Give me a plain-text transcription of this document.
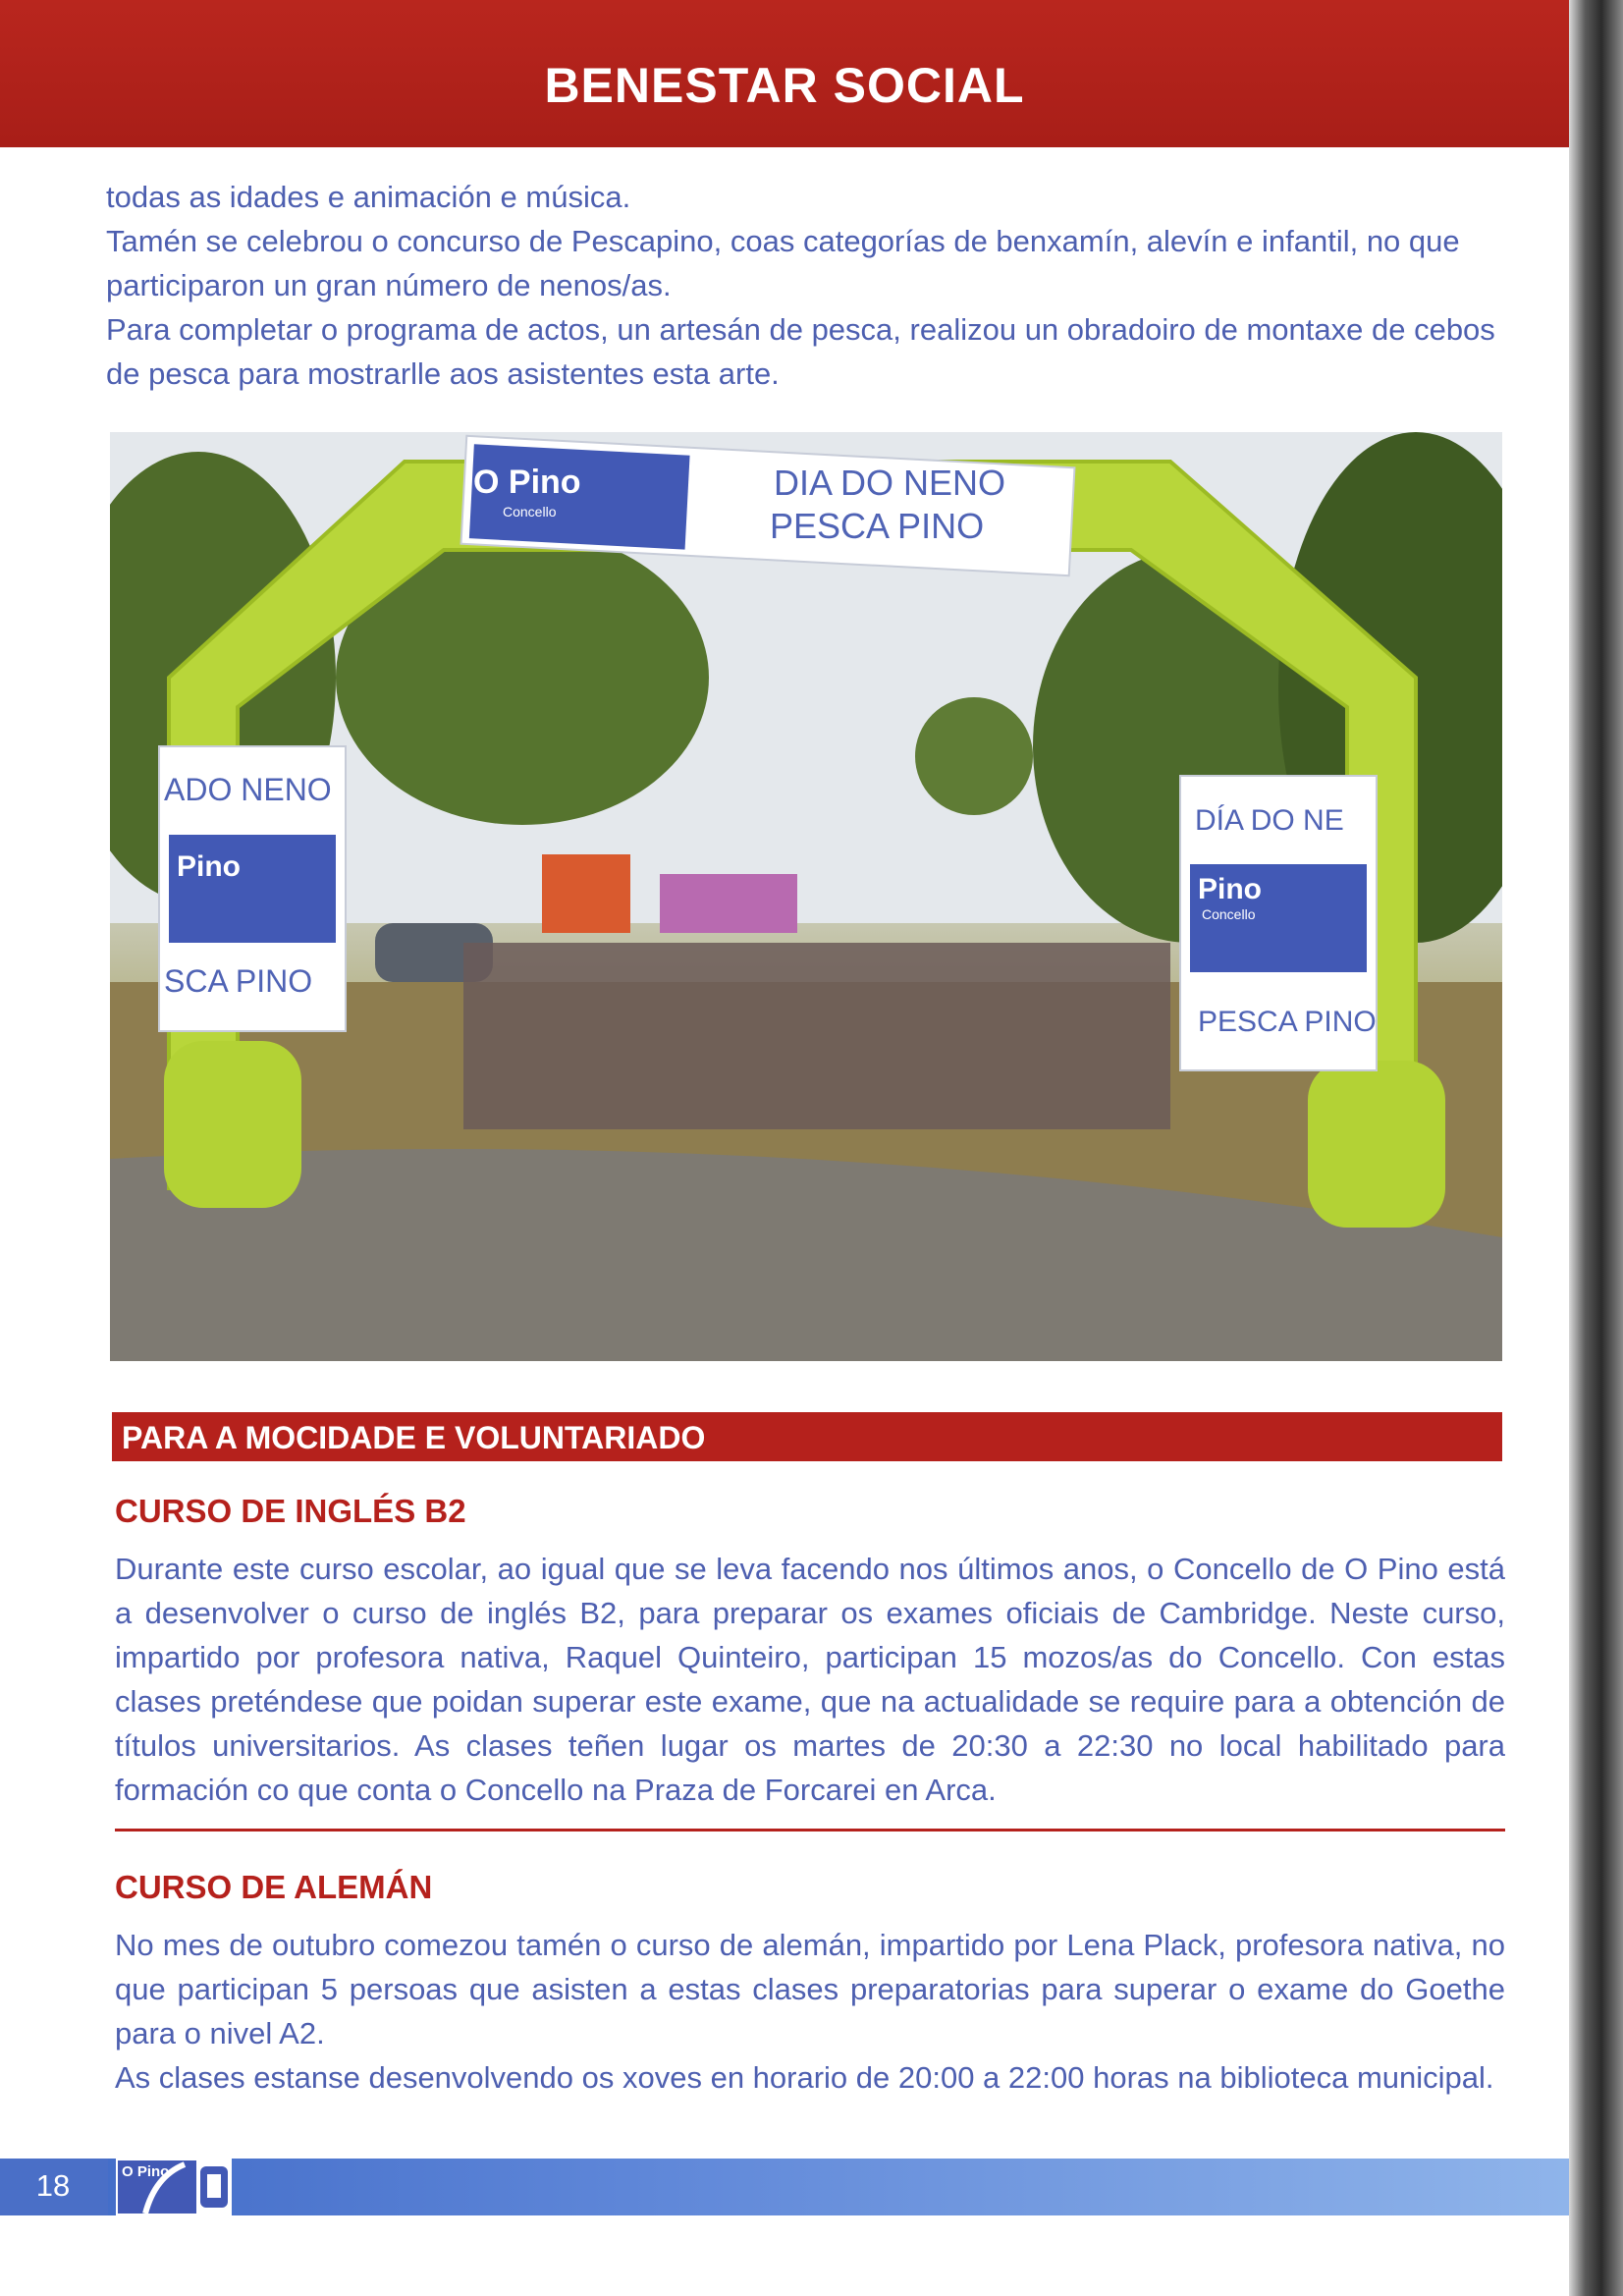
BENESTAR SOCIAL

todas as idades e animación e música.

Tamén se celebrou o concurso de Pescapino, coas categorías de benxamín, alevín e infantil, no que participaron un gran número de nenos/as.

Para completar o programa de actos, un artesán de pesca, realizou un obradoiro de montaxe de cebos de pesca para mostrarlle aos asistentes esta arte.

O Pino
Concello
DIA DO NENO
PESCA PINO
ADO NENO
Pino
SCA PINO
DÍA DO NE
Pino
Concello
PESCA PINO
PARA A MOCIDADE E VOLUNTARIADO
CURSO DE INGLÉS B2

Durante este curso escolar, ao igual que se leva facendo nos últimos anos, o Concello de O Pino está a desenvolver o curso de inglés B2, para preparar os exames oficiais de Cambridge. Neste curso, impartido por profesora nativa, Raquel Quinteiro, participan 15 mozos/as do Concello. Con estas clases preténdese que poidan superar este exame, que na actualidade se require para a obtención de títulos universitarios. As clases teñen lugar os martes de 20:30 a 22:30 no local habilitado para formación co que conta o Concello na Praza de Forcarei en Arca.

CURSO DE ALEMÁN

No mes de outubro comezou tamén o curso de alemán, impartido por Lena Plack, profesora nativa, no que participan 5 persoas que asisten a estas clases preparatorias para superar o exame do Goethe para o nivel A2.

As clases estanse desenvolvendo os xoves en horario de 20:00 a 22:00 horas na biblioteca municipal.

18	O Pino
